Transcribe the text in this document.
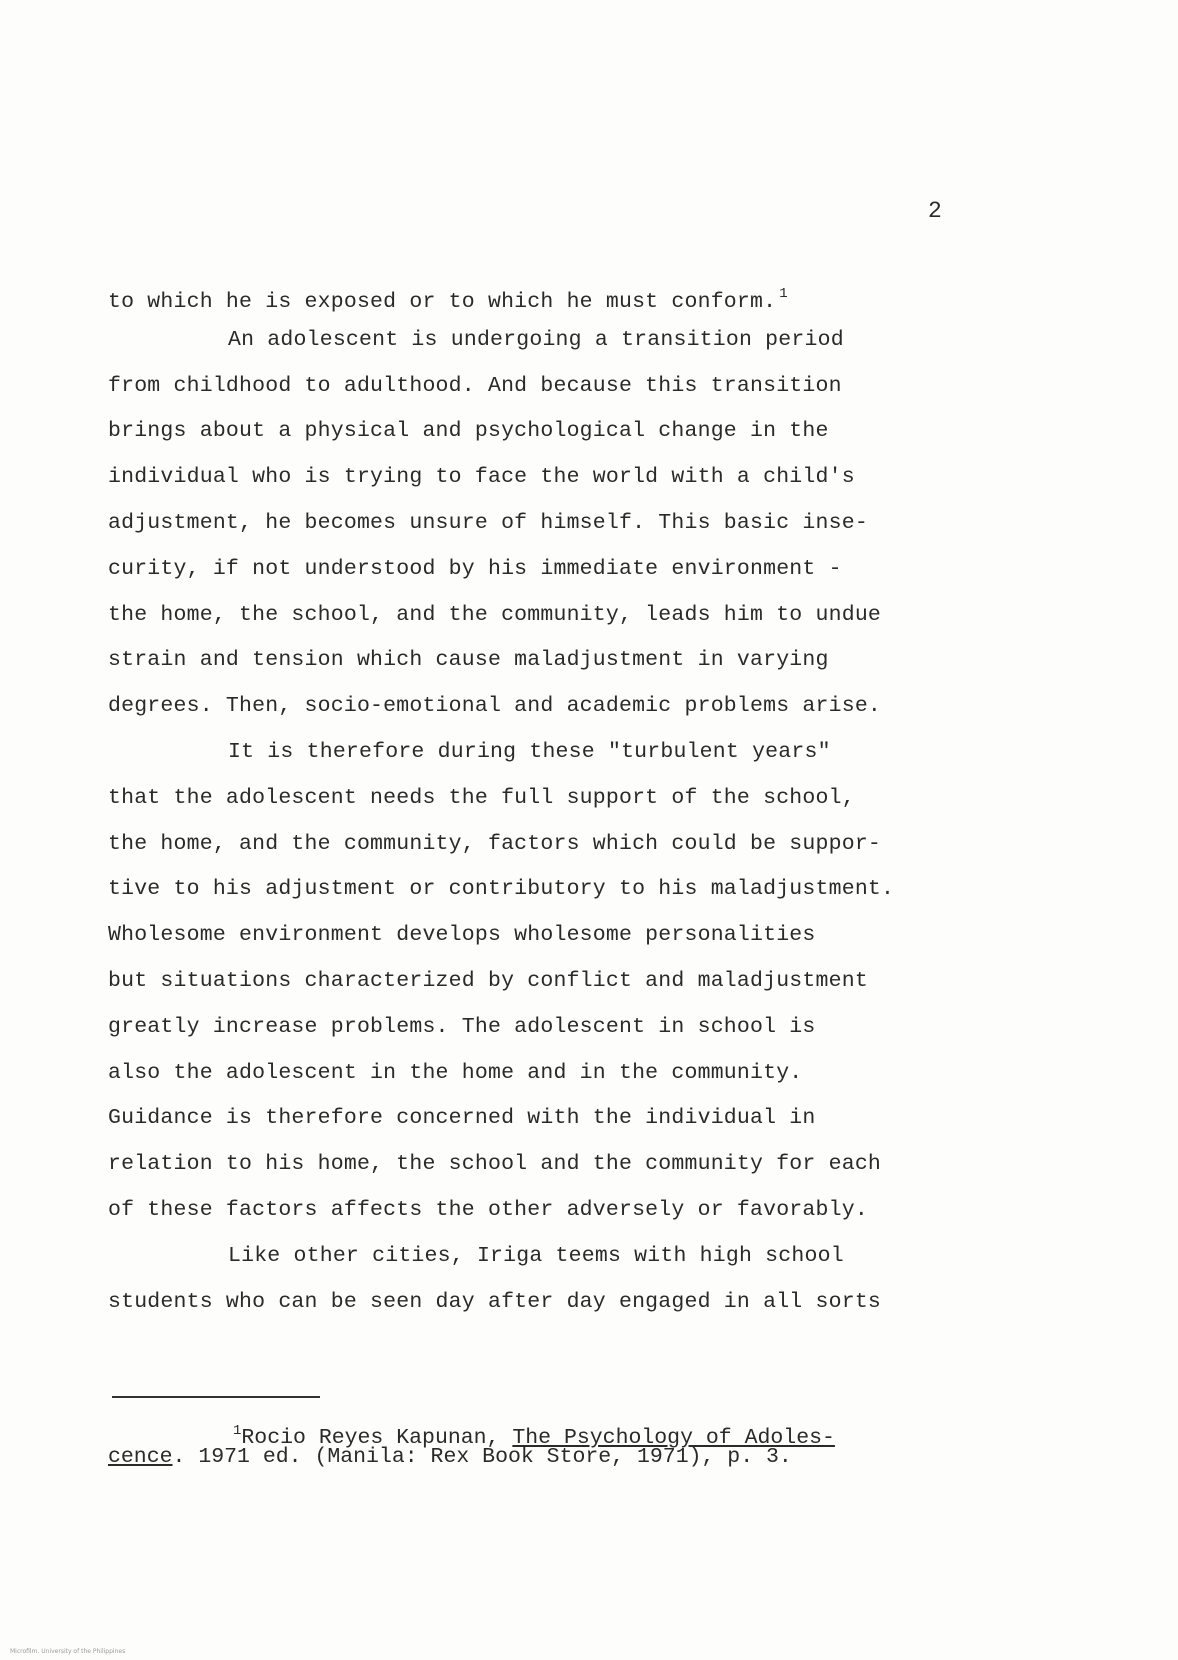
2
to which he is exposed or to which he must conform. $^1$
An adolescent is undergoing a transition period
from childhood to adulthood. And because this transition
brings about a physical and psychological change in the
individual who is trying to face the world with a child's
adjustment, he becomes unsure of himself. This basic inse-
curity, if not understood by his immediate environment -
the home, the school, and the community, leads him to undue
strain and tension which cause maladjustment in varying
degrees. Then, socio-emotional and academic problems arise.
It is therefore during these "turbulent years"
that the adolescent needs the full support of the school,
the home, and the community, factors which could be suppor-
tive to his adjustment or contributory to his maladjustment.
Wholesome environment develops wholesome personalities
but situations characterized by conflict and maladjustment
greatly increase problems. The adolescent in school is
also the adolescent in the home and in the community.
Guidance is therefore concerned with the individual in
relation to his home, the school and the community for each
of these factors affects the other adversely or favorably.
Like other cities, Iriga teems with high school
students who can be seen day after day engaged in all sorts
$^1$Rocio Reyes Kapunan, The Psychology of Adoles-
cence. 1971 ed. (Manila: Rex Book Store, 1971), p. 3.
Microfilm. University of the Philippines
